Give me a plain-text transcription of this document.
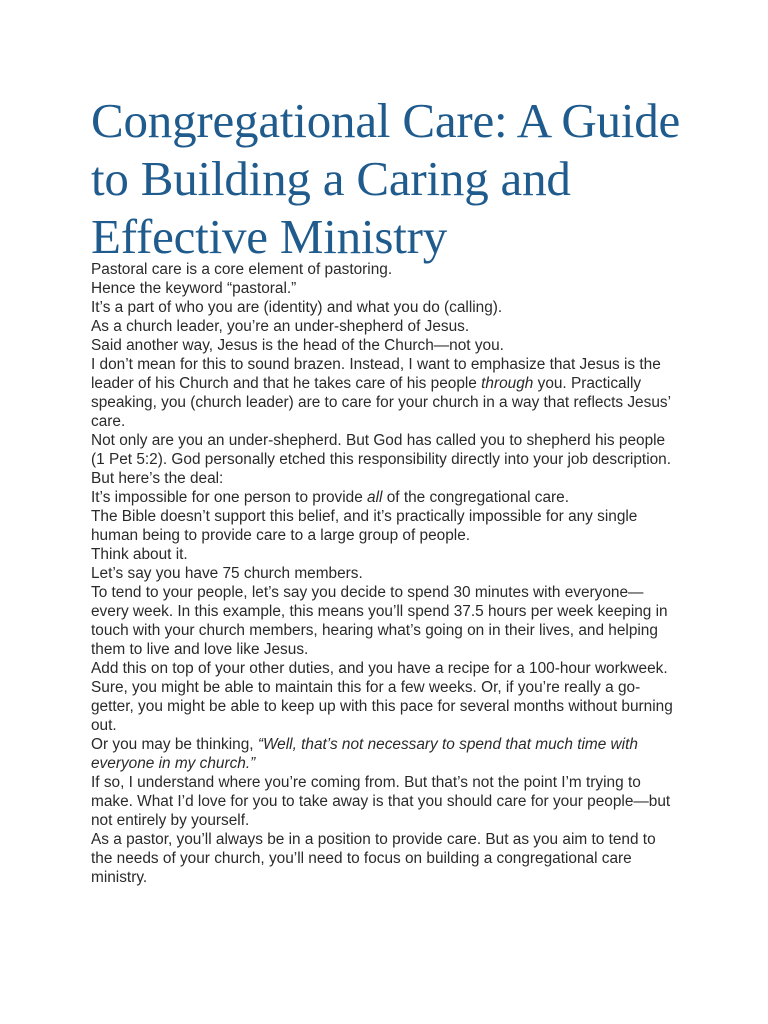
Congregational Care: A Guide to Building a Caring and Effective Ministry

Pastoral care is a core element of pastoring.

Hence the keyword “pastoral.”

It’s a part of who you are (identity) and what you do (calling).

As a church leader, you’re an under-shepherd of Jesus.

Said another way, Jesus is the head of the Church—not you.

I don’t mean for this to sound brazen. Instead, I want to emphasize that Jesus is the leader of his Church and that he takes care of his people through you. Practically speaking, you (church leader) are to care for your church in a way that reflects Jesus’ care.

Not only are you an under-shepherd. But God has called you to shepherd his people (1 Pet 5:2). God personally etched this responsibility directly into your job description.

But here’s the deal:

It’s impossible for one person to provide all of the congregational care.

The Bible doesn’t support this belief, and it’s practically impossible for any single human being to provide care to a large group of people.

Think about it.

Let’s say you have 75 church members.

To tend to your people, let’s say you decide to spend 30 minutes with everyone—every week. In this example, this means you’ll spend 37.5 hours per week keeping in touch with your church members, hearing what’s going on in their lives, and helping them to live and love like Jesus.

Add this on top of your other duties, and you have a recipe for a 100-hour workweek.

Sure, you might be able to maintain this for a few weeks. Or, if you’re really a go-getter, you might be able to keep up with this pace for several months without burning out.

Or you may be thinking, “Well, that’s not necessary to spend that much time with everyone in my church.”

If so, I understand where you’re coming from. But that’s not the point I’m trying to make. What I’d love for you to take away is that you should care for your people—but not entirely by yourself.

As a pastor, you’ll always be in a position to provide care. But as you aim to tend to the needs of your church, you’ll need to focus on building a congregational care ministry.
